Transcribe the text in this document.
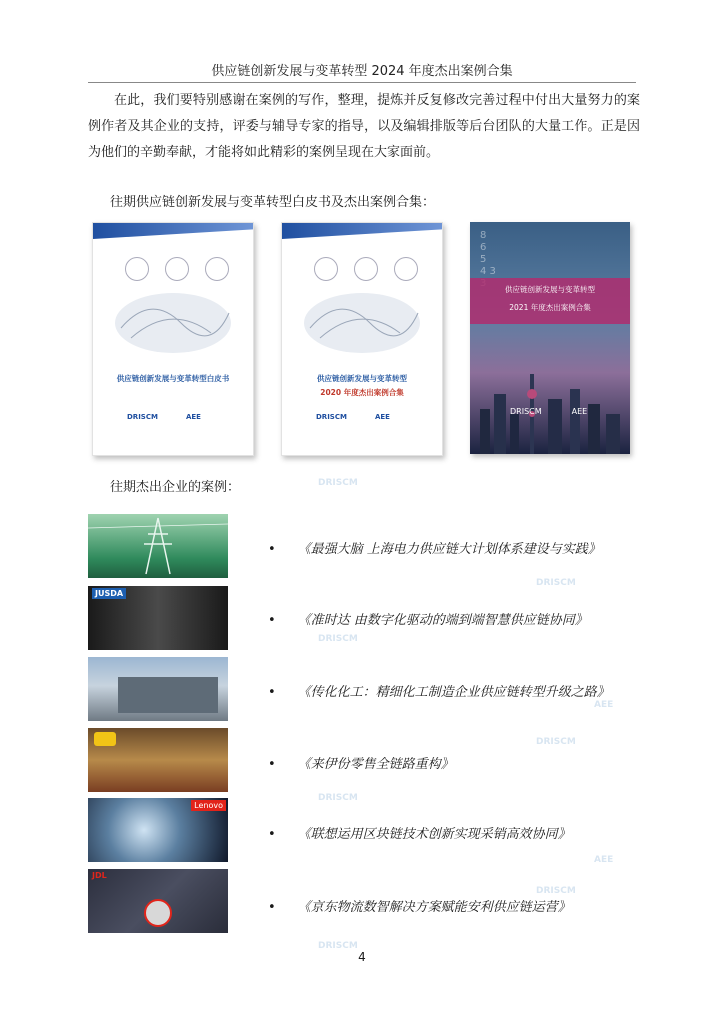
供应链创新发展与变革转型 2024 年度杰出案例合集
在此，我们要特别感谢在案例的写作，整理，提炼并反复修改完善过程中付出大量努力的案例作者及其企业的支持，评委与辅导专家的指导，以及编辑排版等后台团队的大量工作。正是因为他们的辛勤奉献，才能将如此精彩的案例呈现在大家面前。
往期供应链创新发展与变革转型白皮书及杰出案例合集：
供应链创新发展与变革转型白皮书
DRISCM	AEE
供应链创新发展与变革转型
2020 年度杰出案例合集
DRISCM	AEE
8
6
5
4 3

供应链创新发展与变革转型
2021 年度杰出案例合集
DRISCM	AEE
往期杰出企业的案例：
JUSDA
Lenovo
JDL
• 《最强大脑 上海电力供应链大计划体系建设与实践》
• 《准时达 由数字化驱动的端到端智慧供应链协同》
• 《传化化工：精细化工制造企业供应链转型升级之路》
• 《来伊份零售全链路重构》
• 《联想运用区块链技术创新实现采销高效协同》
• 《京东物流数智解决方案赋能安利供应链运营》
DRISCM
DRISCM
DRISCM
DRISCM
DRISCM
DRISCM
DRISCM
AEE
AEE
4
